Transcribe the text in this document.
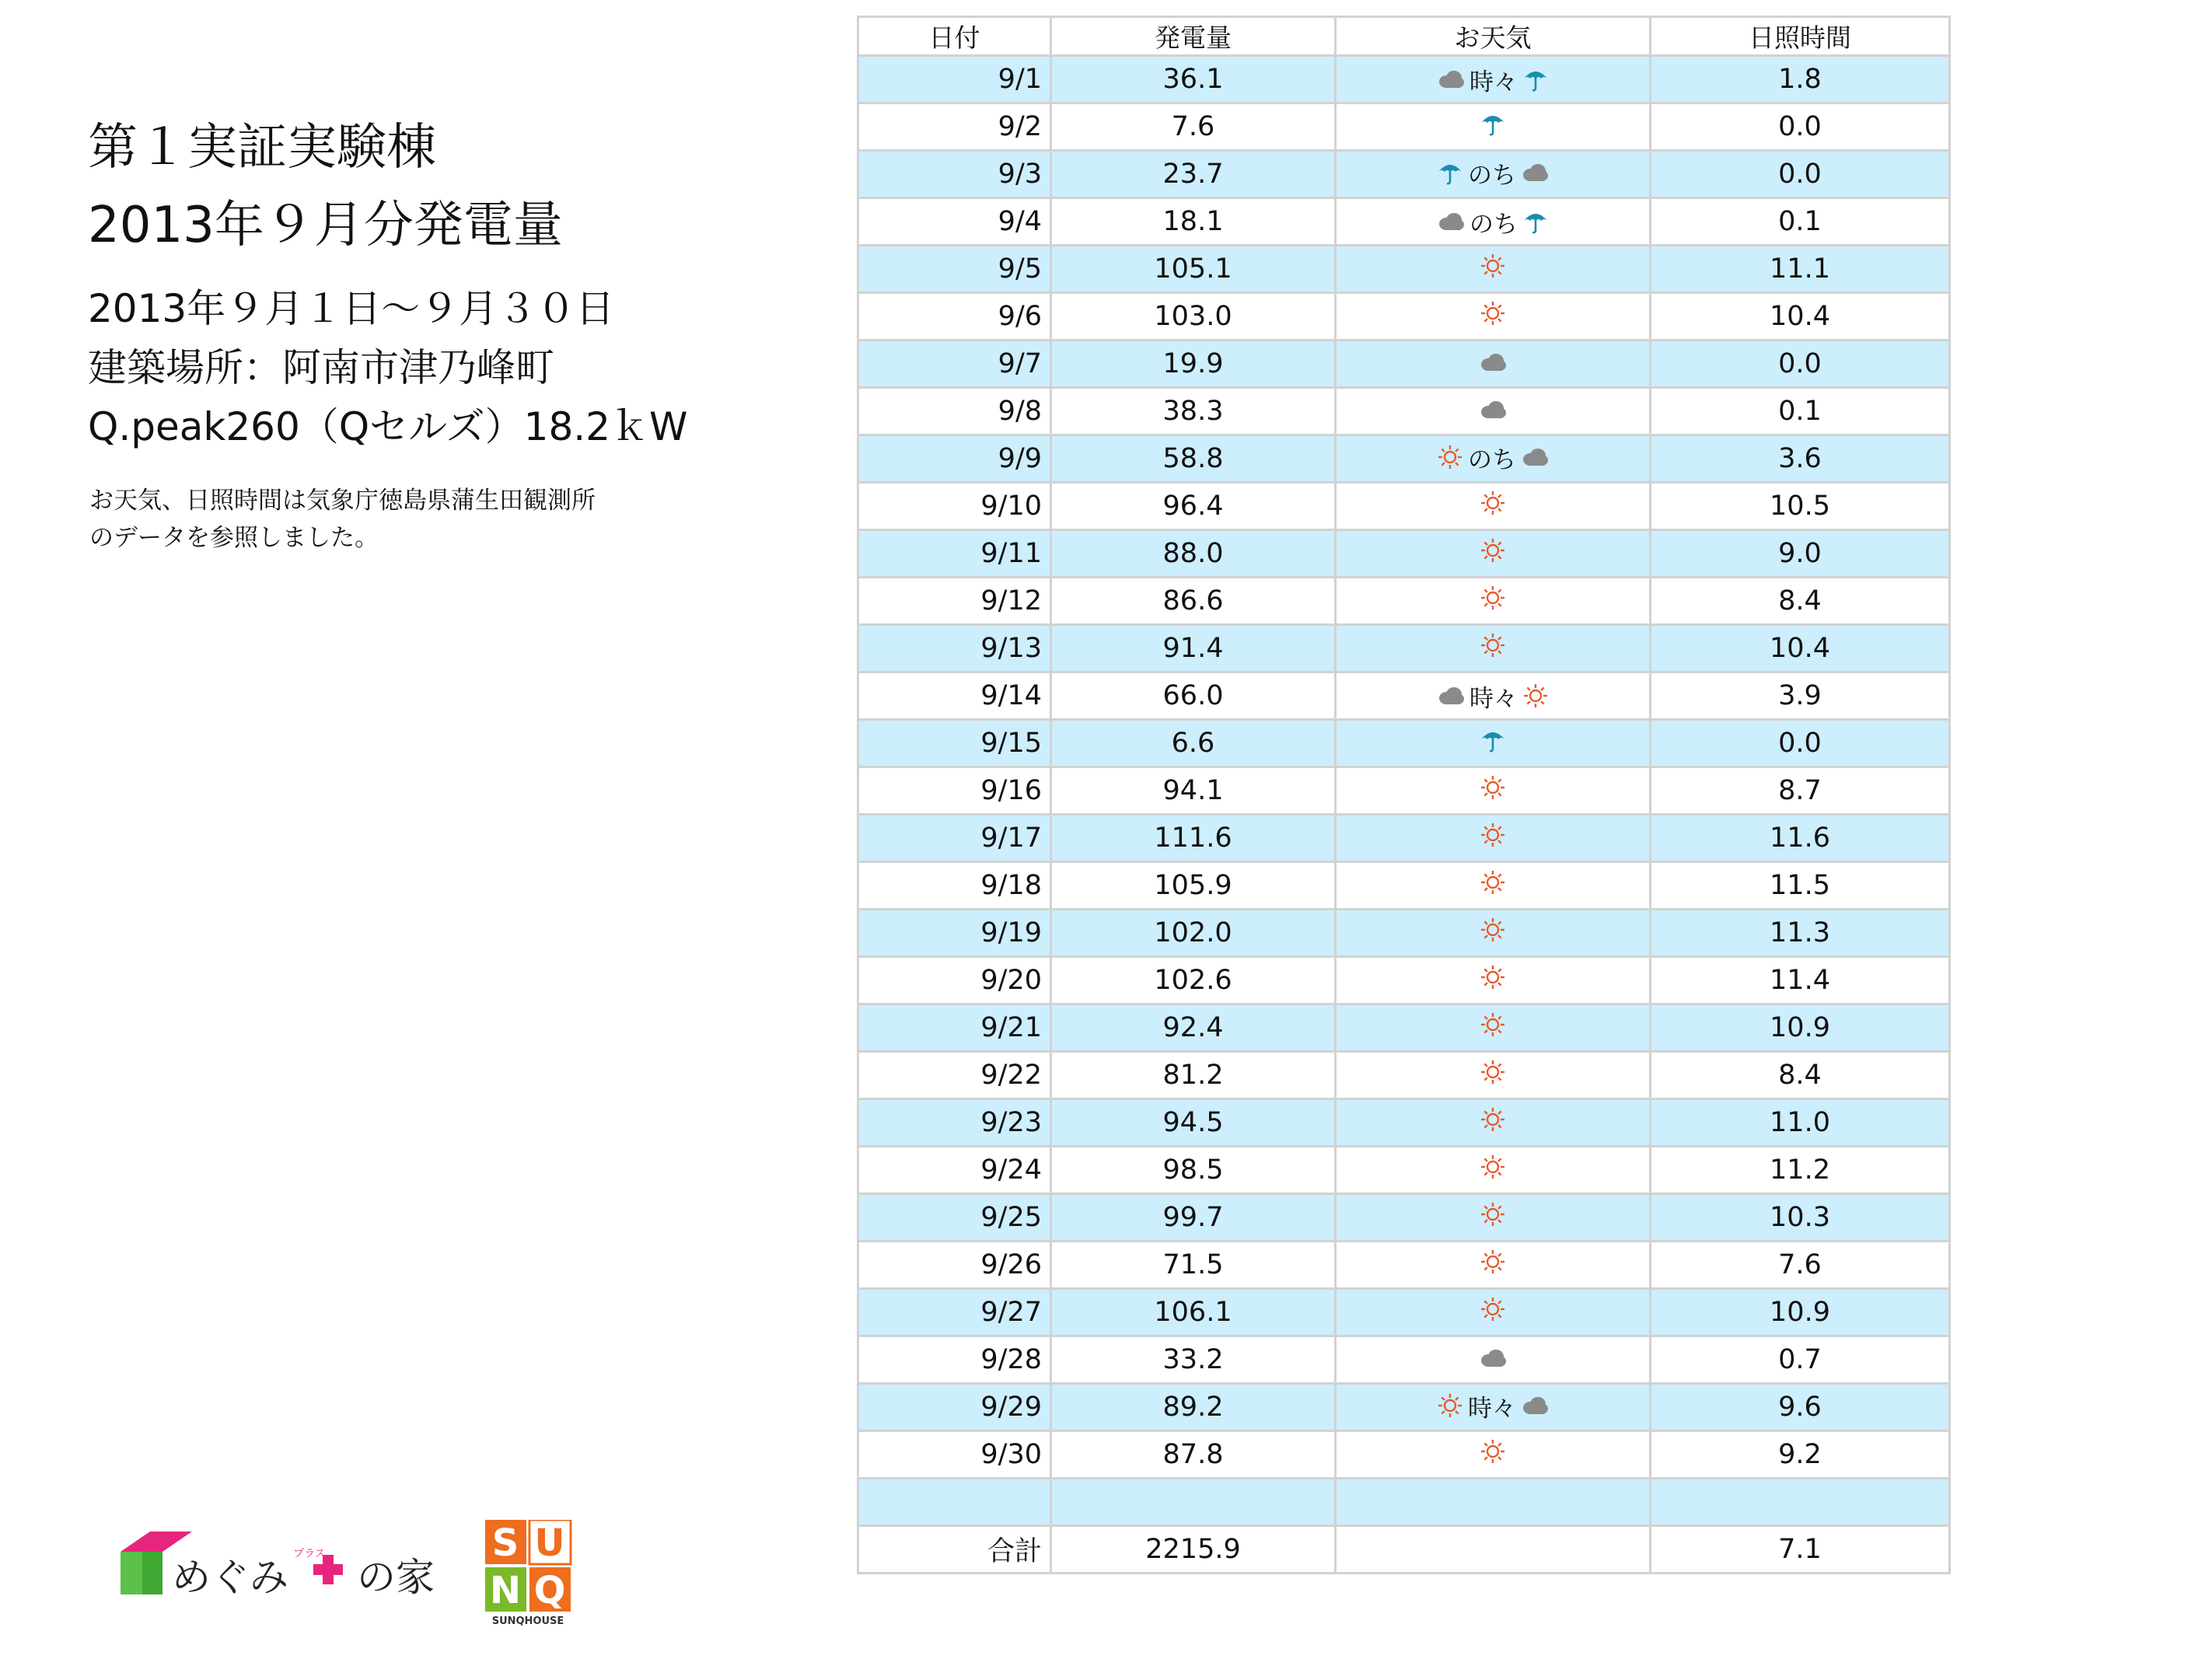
第１実証実験棟
2013年９月分発電量
2013年９月１日～９月３０日
建築場所：阿南市津乃峰町
Q.peak260（Qセルズ）18.2ｋW
お天気、日照時間は気象庁徳島県蒲生田観測所
のデータを参照しました。
日付	発電量	お天気	日照時間
9/1	36.1	時々	1.8
9/2	7.6		0.0
9/3	23.7	のち	0.0
9/4	18.1	のち	0.1
9/5	105.1		11.1
9/6	103.0		10.4
9/7	19.9		0.0
9/8	38.3		0.1
9/9	58.8	のち	3.6
9/10	96.4		10.5
9/11	88.0		9.0
9/12	86.6		8.4
9/13	91.4		10.4
9/14	66.0	時々	3.9
9/15	6.6		0.0
9/16	94.1		8.7
9/17	111.6		11.6
9/18	105.9		11.5
9/19	102.0		11.3
9/20	102.6		11.4
9/21	92.4		10.9
9/22	81.2		8.4
9/23	94.5		11.0
9/24	98.5		11.2
9/25	99.7		10.3
9/26	71.5		7.6
9/27	106.1		10.9
9/28	33.2		0.7
9/29	89.2	時々	9.6
9/30	87.8		9.2

合計	2215.9		7.1
めぐみ
プラス
の家
S U
N Q
SUNQHOUSE
